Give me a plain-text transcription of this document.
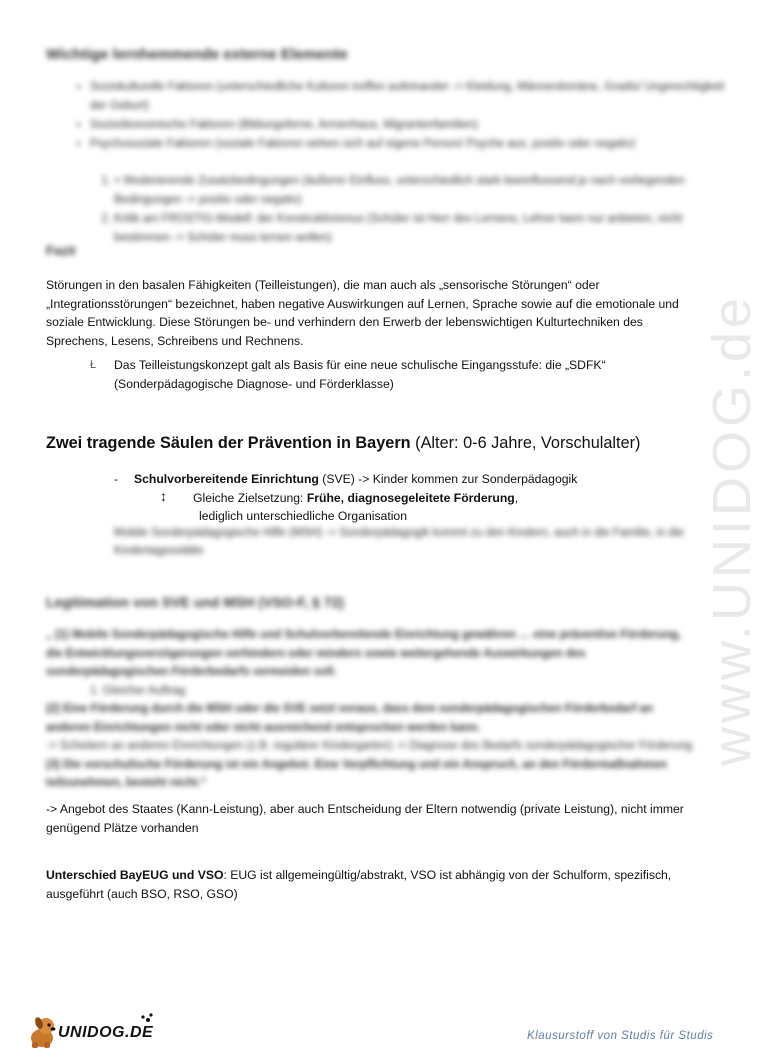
Wichtige lernhemmende externe Elemente
• Soziokulturelle Faktoren (unterschiedliche Kulturen treffen aufeinander -> Kleidung, Männerdomäne, Gradis/ Ungerechtigkeit der Geburt)
• Sozioökonomische Faktoren (Bildungsferne, Armenhaus, Migrantenfamilien)
• Psychosoziale Faktoren (soziale Faktoren wirken sich auf eigene Person/ Psyche aus, positiv oder negativ)
1. + Moderierende Zusatzbedingungen (äußerer Einfluss, unterschiedlich stark beeinflussend je nach vorliegenden Bedingungen -> positiv oder negativ)
2. Kritik am FROSTIG-Modell: der Konstruktivismus (Schüler ist Herr des Lernens, Lehrer kann nur anbieten, nicht bestimmen -> Schüler muss lernen wollen)
Fazit
Störungen in den basalen Fähigkeiten (Teilleistungen), die man auch als „sensorische Störungen“ oder „Integrationsstörungen“ bezeichnet, haben negative Auswirkungen auf Lernen, Sprache sowie auf die emotionale und soziale Entwicklung. Diese Störungen be- und verhindern den Erwerb der lebenswichtigen Kulturtechniken des Sprechens, Lesens, Schreibens und Rechnens.
Ł	Das Teilleistungskonzept galt als Basis für eine neue schulische Eingangsstufe: die „SDFK“ (Sonderpädagogische Diagnose- und Förderklasse)
Zwei tragende Säulen der Prävention in Bayern (Alter: 0-6 Jahre, Vorschulalter)
- Schulvorbereitende Einrichtung (SVE) -> Kinder kommen zur Sonderpädagogik
↕ Gleiche Zielsetzung: Frühe, diagnosegeleitete Förderung,
lediglich unterschiedliche Organisation
Mobile Sonderpädagogische Hilfe (MSH) -> Sonderpädagogik kommt zu den Kindern, auch in die Familie, in die Kindertagesstätte
Legitimation von SVE und MSH (VSO-F, § 72)
„ (1) Mobile Sonderpädagogische Hilfe und Schulvorbereitende Einrichtung gewähren … eine präventive Förderung, die Entwicklungsverzögerungen verhindern oder mindern sowie weitergehende Auswirkungen des sonderpädagogischen Förderbedarfs vermeiden soll.
1. Gleicher Auftrag
(2) Eine Förderung durch die MSH oder die SVE setzt voraus, dass dem sonderpädagogischen Förderbedarf an anderen Einrichtungen nicht oder nicht ausreichend entsprochen werden kann.
-> Scheitern an anderen Einrichtungen (z.B. regulärer Kindergarten) -> Diagnose des Bedarfs sonderpädagogischer Förderung
(3) Die vorschulische Förderung ist ein Angebot. Eine Verpflichtung und ein Anspruch, an den Fördermaßnahmen teilzunehmen, besteht nicht.“
-> Angebot des Staates (Kann-Leistung), aber auch Entscheidung der Eltern notwendig (private Leistung), nicht immer genügend Plätze vorhanden
Unterschied BayEUG und VSO: EUG ist allgemeingültig/abstrakt, VSO ist abhängig von der Schulform, spezifisch, ausgeführt (auch BSO, RSO, GSO)
www.UNIDOG.de
UNIDOG.DE	Klausurstoff von Studis für Studis
